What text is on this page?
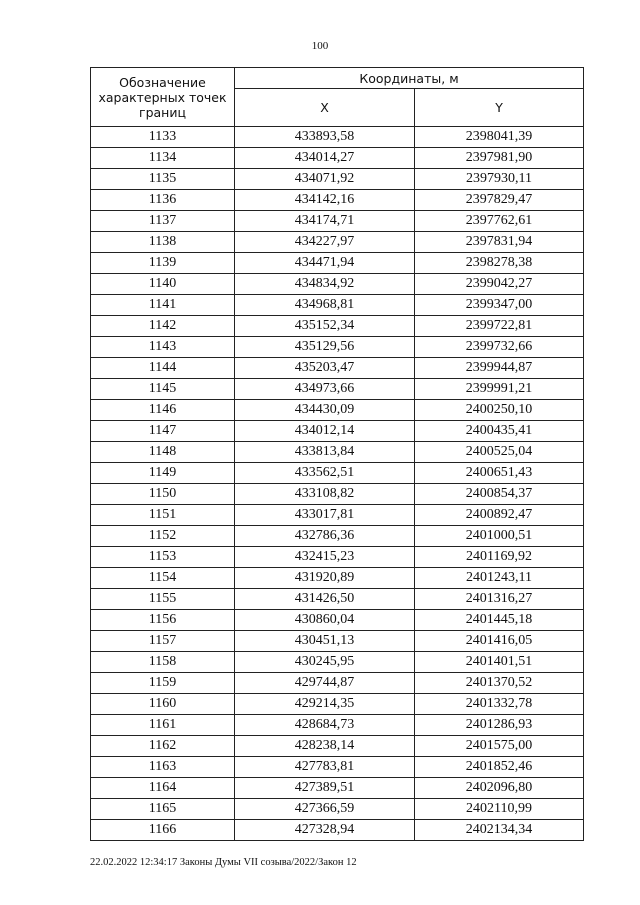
100
Обозначение характерных точек границ	Координаты, м	
	X	Y
1133	433893,58	2398041,39
1134	434014,27	2397981,90
1135	434071,92	2397930,11
1136	434142,16	2397829,47
1137	434174,71	2397762,61
1138	434227,97	2397831,94
1139	434471,94	2398278,38
1140	434834,92	2399042,27
1141	434968,81	2399347,00
1142	435152,34	2399722,81
1143	435129,56	2399732,66
1144	435203,47	2399944,87
1145	434973,66	2399991,21
1146	434430,09	2400250,10
1147	434012,14	2400435,41
1148	433813,84	2400525,04
1149	433562,51	2400651,43
1150	433108,82	2400854,37
1151	433017,81	2400892,47
1152	432786,36	2401000,51
1153	432415,23	2401169,92
1154	431920,89	2401243,11
1155	431426,50	2401316,27
1156	430860,04	2401445,18
1157	430451,13	2401416,05
1158	430245,95	2401401,51
1159	429744,87	2401370,52
1160	429214,35	2401332,78
1161	428684,73	2401286,93
1162	428238,14	2401575,00
1163	427783,81	2401852,46
1164	427389,51	2402096,80
1165	427366,59	2402110,99
1166	427328,94	2402134,34
22.02.2022 12:34:17 Законы Думы VII созыва/2022/Закон 12
